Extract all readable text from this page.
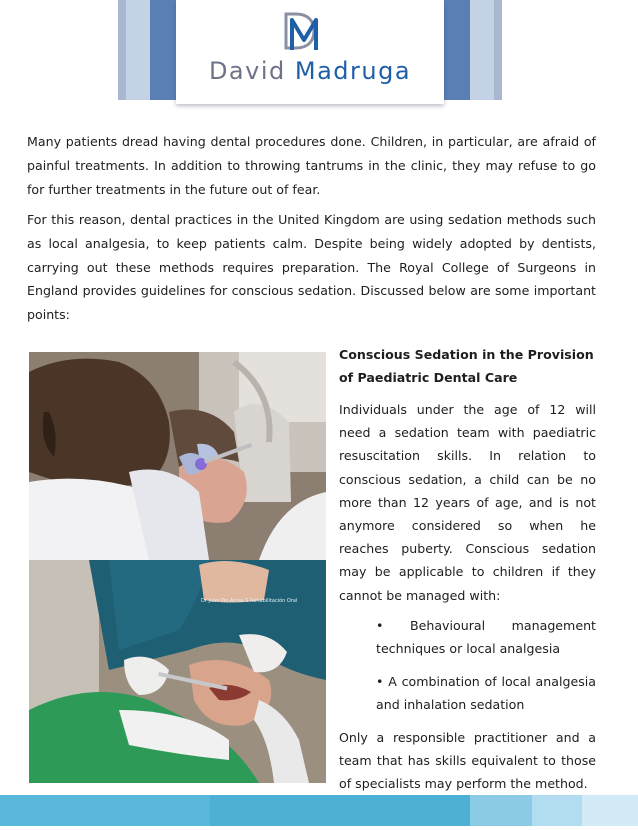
David Madruga

Many patients dread having dental procedures done. Children, in particular, are afraid of painful treatments. In addition to throwing tantrums in the clinic, they may refuse to go for further treatments in the future out of fear.

For this reason, dental practices in the United Kingdom are using sedation methods such as local analgesia, to keep patients calm. Despite being widely adopted by dentists, carrying out these methods requires preparation. The Royal College of Surgeons in England provides guidelines for conscious sedation. Discussed below are some important points:

Dr Juan Pio Arcas S Rehabilitación Oral

Conscious Sedation in the Provision of Paediatric Dental Care

Individuals under the age of 12 will need a sedation team with paediatric resuscitation skills. In relation to conscious sedation, a child can be no more than 12 years of age, and is not anymore considered so when he reaches puberty. Conscious sedation may be applicable to children if they cannot be managed with:

• Behavioural management techniques or local analgesia

• A combination of local analgesia and inhalation sedation

Only a responsible practitioner and a team that has skills equivalent to those of specialists may perform the method.
